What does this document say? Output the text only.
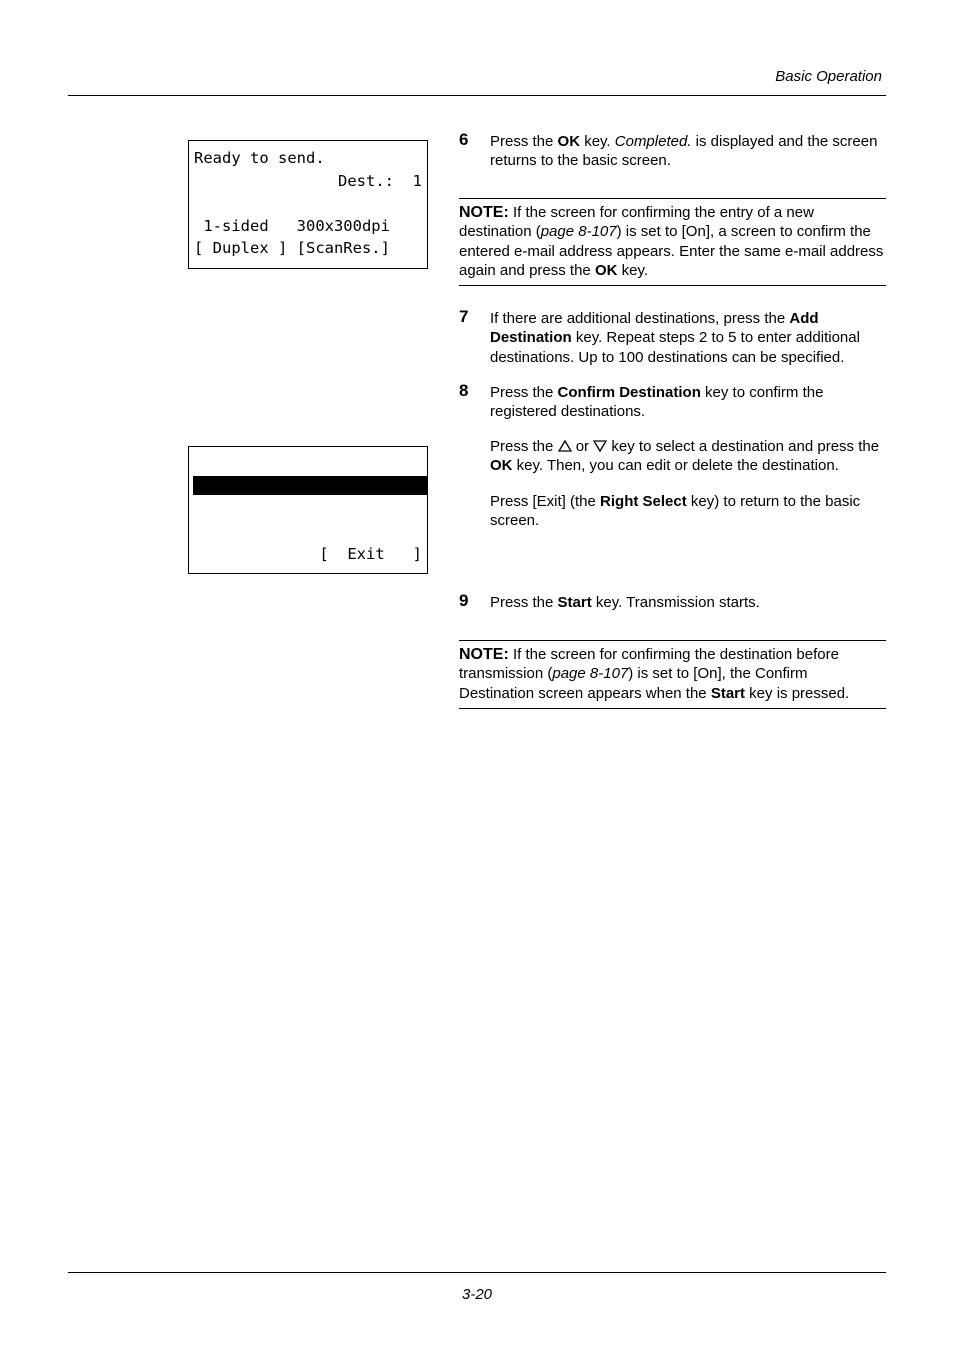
Basic Operation
Ready to send.
Dest.:  1

1-sided   300x300dpi
[ Duplex ] [ScanRes.]

[  Exit   ]
6 Press the OK key. Completed. is displayed and the screen returns to the basic screen.
NOTE: If the screen for confirming the entry of a new destination (page 8-107) is set to [On], a screen to confirm the entered e-mail address appears. Enter the same e-mail address again and press the OK key.
7 If there are additional destinations, press the Add Destination key. Repeat steps 2 to 5 to enter additional destinations. Up to 100 destinations can be specified.
8 Press the Confirm Destination key to confirm the registered destinations.
Press the  or  key to select a destination and press the OK key. Then, you can edit or delete the destination.
Press [Exit] (the Right Select key) to return to the basic screen.
9 Press the Start key. Transmission starts.
NOTE: If the screen for confirming the destination before transmission (page 8-107) is set to [On], the Confirm Destination screen appears when the Start key is pressed.
3-20
